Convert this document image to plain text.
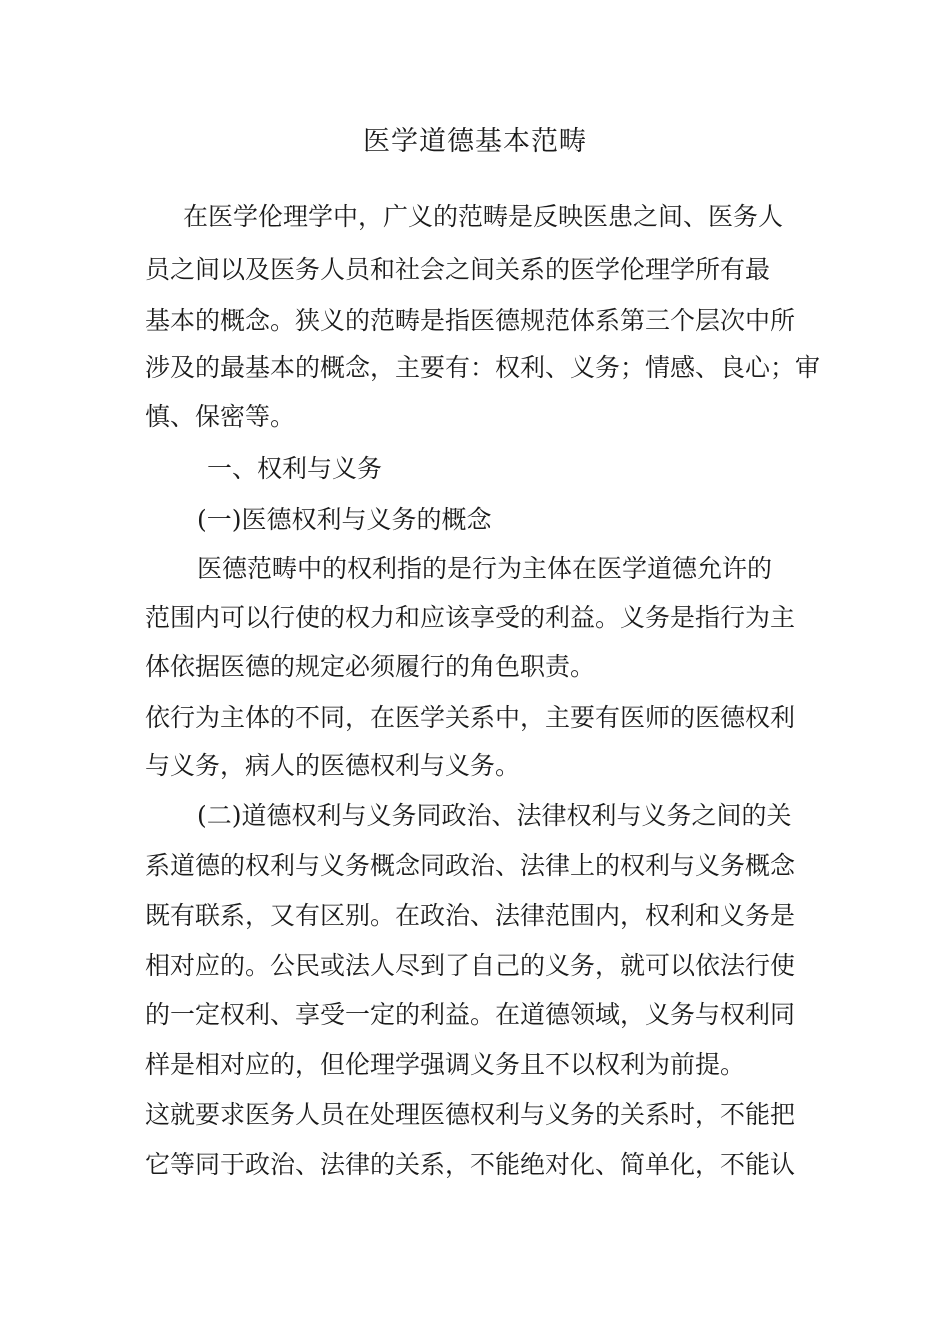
医学道德基本范畴
在医学伦理学中，广义的范畴是反映医患之间、医务人
员之间以及医务人员和社会之间关系的医学伦理学所有最
基本的概念。狭义的范畴是指医德规范体系第三个层次中所
涉及的最基本的概念，主要有：权利、义务；情感、良心；审
慎、保密等。
一、权利与义务
(一)医德权利与义务的概念
医德范畴中的权利指的是行为主体在医学道德允许的
范围内可以行使的权力和应该享受的利益。义务是指行为主
体依据医德的规定必须履行的角色职责。
依行为主体的不同，在医学关系中，主要有医师的医德权利
与义务，病人的医德权利与义务。
(二)道德权利与义务同政治、法律权利与义务之间的关
系道德的权利与义务概念同政治、法律上的权利与义务概念
既有联系，又有区别。在政治、法律范围内，权利和义务是
相对应的。公民或法人尽到了自己的义务，就可以依法行使
的一定权利、享受一定的利益。在道德领域，义务与权利同
样是相对应的，但伦理学强调义务且不以权利为前提。
这就要求医务人员在处理医德权利与义务的关系时，不能把
它等同于政治、法律的关系，不能绝对化、简单化，不能认
